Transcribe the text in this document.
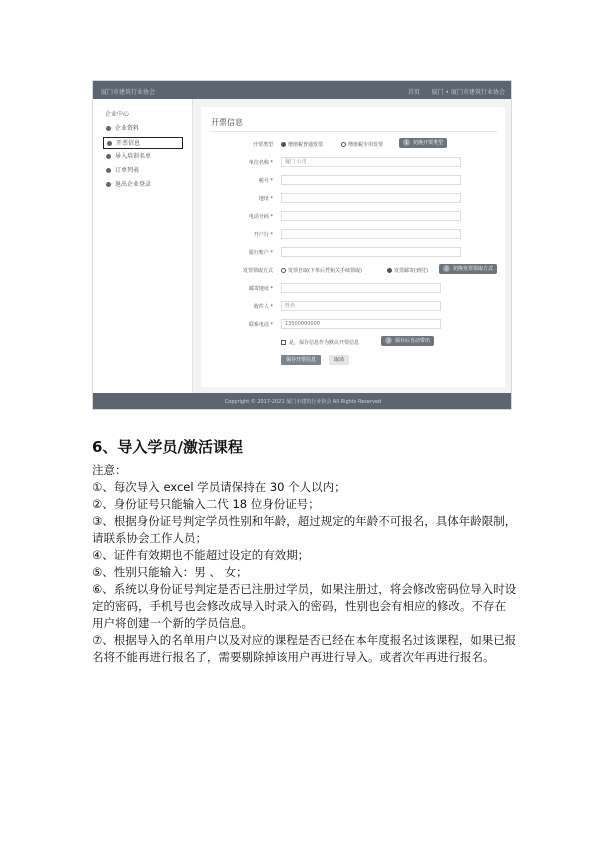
厦门市建筑行业协会	首页 厦门 • 厦门市建筑行业协会
企业中心
企业资料
开票信息
导入培训名单
订单列表
退出企业登录
开票信息
开票类型	增值税普通发票	增值税专用发票	1 切换开票类型
单位名称 *	厦门 公司
税号 *
地址 *
电话号码 *
开户行 *
银行账户 *
发票领取方式	发票自取(下单后凭相关手续领取)	发票邮寄(到付)	2 切换发票领取方式
邮寄地址 *
收件人 *	姓名
联系电话 *	13500000000
是，保存信息作为默认开票信息	3 保存后自动带出
保存开票信息	取消
Copyright © 2017-2021 厦门市建筑行业协会 All Rights Reserved
6、导入学员/激活课程
注意：
①、每次导入 excel 学员请保持在 30 个人以内；
②、身份证号只能输入二代 18 位身份证号；
③、根据身份证号判定学员性别和年龄，超过规定的年龄不可报名，具体年龄限制，请联系协会工作人员；
④、证件有效期也不能超过设定的有效期；
⑤、性别只能输入：男 、 女；
⑥、系统以身份证号判定是否已注册过学员，如果注册过，将会修改密码位导入时设定的密码，手机号也会修改成导入时录入的密码，性别也会有相应的修改。不存在用户将创建一个新的学员信息。
⑦、根据导入的名单用户以及对应的课程是否已经在本年度报名过该课程，如果已报名将不能再进行报名了，需要剔除掉该用户再进行导入。或者次年再进行报名。
